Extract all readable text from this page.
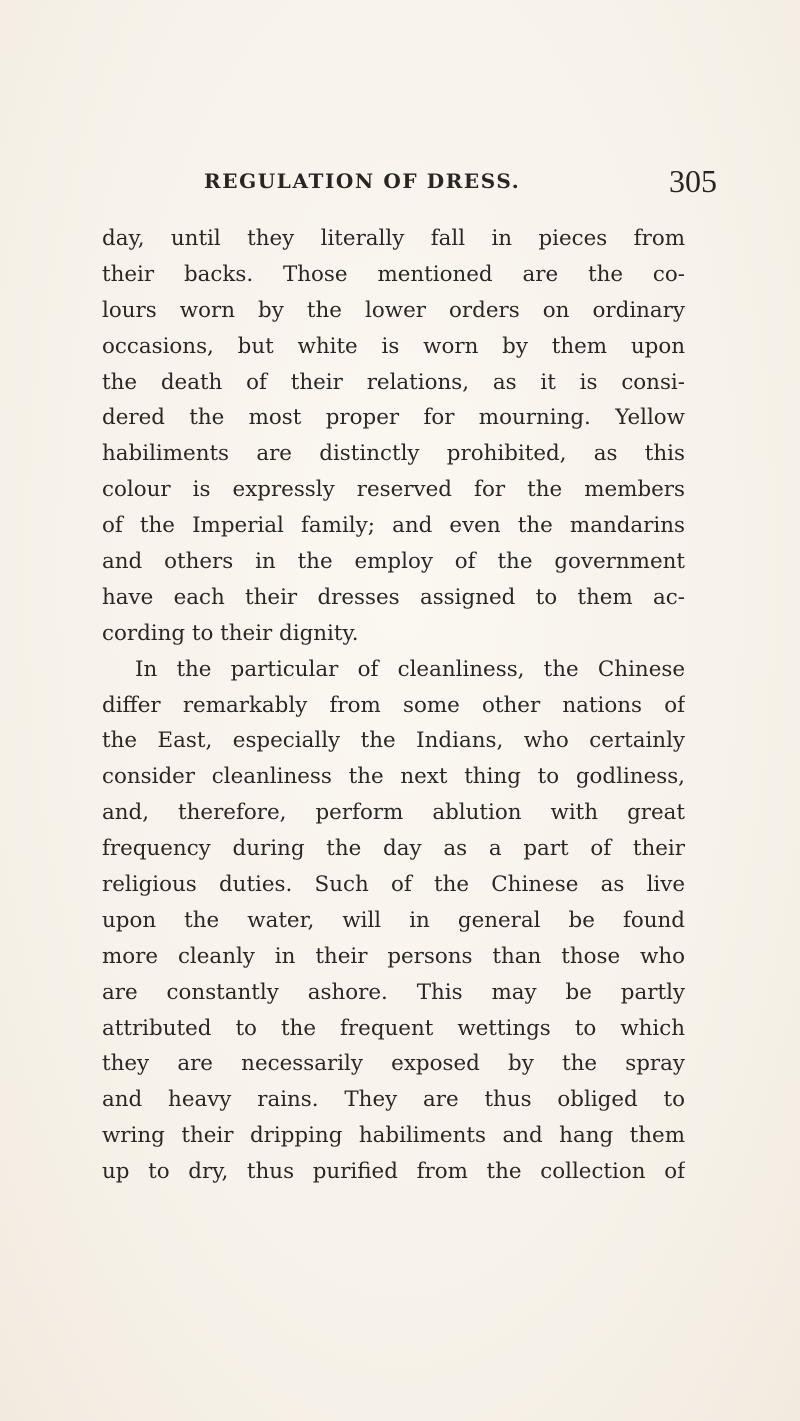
REGULATION OF DRESS.	305
day, until they literally fall in pieces from
their backs. Those mentioned are the co-
lours worn by the lower orders on ordinary
occasions, but white is worn by them upon
the death of their relations, as it is consi-
dered the most proper for mourning. Yellow
habiliments are distinctly prohibited, as this
colour is expressly reserved for the members
of the Imperial family; and even the mandarins
and others in the employ of the government
have each their dresses assigned to them ac-
cording to their dignity.
In the particular of cleanliness, the Chinese
differ remarkably from some other nations of
the East, especially the Indians, who certainly
consider cleanliness the next thing to godliness,
and, therefore, perform ablution with great
frequency during the day as a part of their
religious duties. Such of the Chinese as live
upon the water, will in general be found
more cleanly in their persons than those who
are constantly ashore. This may be partly
attributed to the frequent wettings to which
they are necessarily exposed by the spray
and heavy rains. They are thus obliged to
wring their dripping habiliments and hang them
up to dry, thus purified from the collection of
